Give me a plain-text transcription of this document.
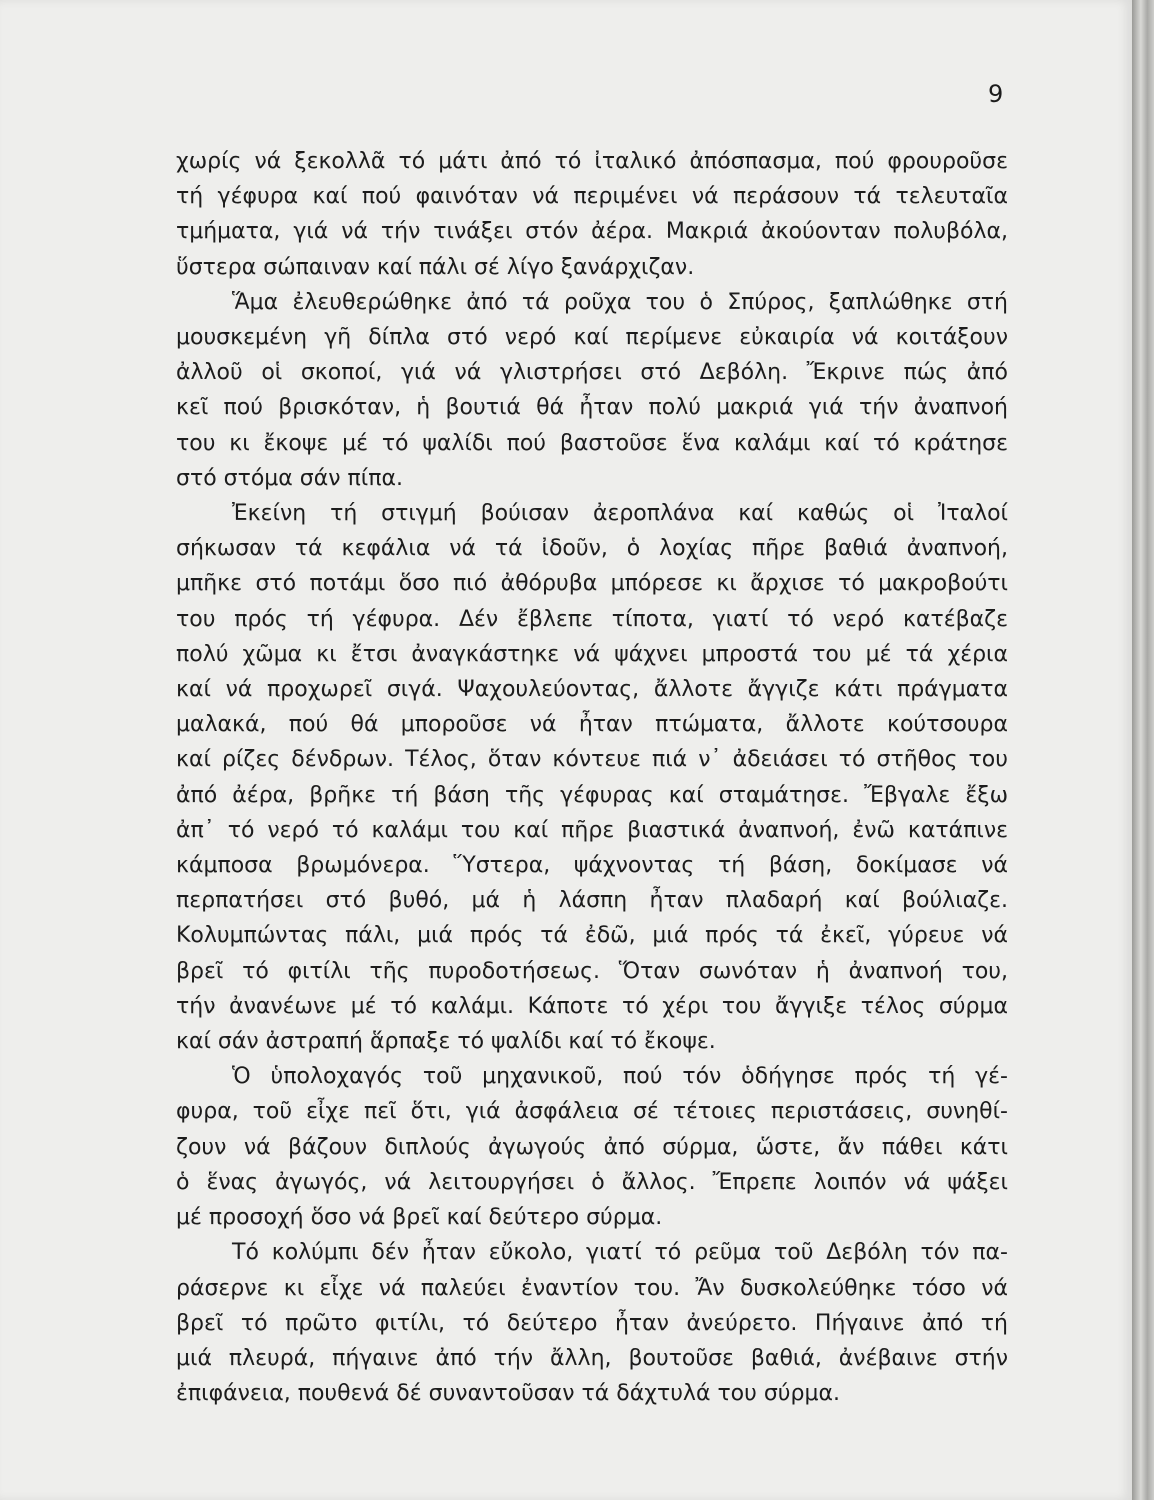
9
χωρίς νά ξεκολλᾶ τό μάτι ἀπό τό ἰταλικό ἀπόσπασμα, πού φρουροῦσε
τή γέφυρα καί πού φαινόταν νά περιμένει νά περάσουν τά τελευταῖα
τμήματα, γιά νά τήν τινάξει στόν ἀέρα. Μακριά ἀκούονταν πολυβόλα,
ὕστερα σώπαιναν καί πάλι σέ λίγο ξανάρχιζαν.
Ἅμα ἐλευθερώθηκε ἀπό τά ροῦχα του ὁ Σπύρος, ξαπλώθηκε στή
μουσκεμένη γῆ δίπλα στό νερό καί περίμενε εὐκαιρία νά κοιτάξουν
ἀλλοῦ οἱ σκοποί, γιά νά γλιστρήσει στό Δεβόλη. Ἔκρινε πώς ἀπό
κεῖ πού βρισκόταν, ἡ βουτιά θά ἦταν πολύ μακριά γιά τήν ἀναπνοή
του κι ἔκοψε μέ τό ψαλίδι πού βαστοῦσε ἕνα καλάμι καί τό κράτησε
στό στόμα σάν πίπα.
Ἐκείνη τή στιγμή βούισαν ἀεροπλάνα καί καθώς οἱ Ἰταλοί
σήκωσαν τά κεφάλια νά τά ἰδοῦν, ὁ λοχίας πῆρε βαθιά ἀναπνοή,
μπῆκε στό ποτάμι ὅσο πιό ἀθόρυβα μπόρεσε κι ἄρχισε τό μακροβούτι
του πρός τή γέφυρα. Δέν ἔβλεπε τίποτα, γιατί τό νερό κατέβαζε
πολύ χῶμα κι ἔτσι ἀναγκάστηκε νά ψάχνει μπροστά του μέ τά χέρια
καί νά προχωρεῖ σιγά. Ψαχουλεύοντας, ἄλλοτε ἄγγιζε κάτι πράγματα
μαλακά, πού θά μποροῦσε νά ἦταν πτώματα, ἄλλοτε κούτσουρα
καί ρίζες δένδρων. Τέλος, ὅταν κόντευε πιά ν᾽ ἀδειάσει τό στῆθος του
ἀπό ἀέρα, βρῆκε τή βάση τῆς γέφυρας καί σταμάτησε. Ἔβγαλε ἔξω
ἀπ᾽ τό νερό τό καλάμι του καί πῆρε βιαστικά ἀναπνοή, ἐνῶ κατάπινε
κάμποσα βρωμόνερα. Ὕστερα, ψάχνοντας τή βάση, δοκίμασε νά
περπατήσει στό βυθό, μά ἡ λάσπη ἦταν πλαδαρή καί βούλιαζε.
Κολυμπώντας πάλι, μιά πρός τά ἐδῶ, μιά πρός τά ἐκεῖ, γύρευε νά
βρεῖ τό φιτίλι τῆς πυροδοτήσεως. Ὅταν σωνόταν ἡ ἀναπνοή του,
τήν ἀνανέωνε μέ τό καλάμι. Κάποτε τό χέρι του ἄγγιξε τέλος σύρμα
καί σάν ἀστραπή ἅρπαξε τό ψαλίδι καί τό ἔκοψε.
Ὁ ὑπολοχαγός τοῦ μηχανικοῦ, πού τόν ὁδήγησε πρός τή γέ-
φυρα, τοῦ εἶχε πεῖ ὅτι, γιά ἀσφάλεια σέ τέτοιες περιστάσεις, συνηθί-
ζουν νά βάζουν διπλούς ἀγωγούς ἀπό σύρμα, ὥστε, ἄν πάθει κάτι
ὁ ἕνας ἀγωγός, νά λειτουργήσει ὁ ἄλλος. Ἔπρεπε λοιπόν νά ψάξει
μέ προσοχή ὅσο νά βρεῖ καί δεύτερο σύρμα.
Τό κολύμπι δέν ἦταν εὔκολο, γιατί τό ρεῦμα τοῦ Δεβόλη τόν πα-
ράσερνε κι εἶχε νά παλεύει ἐναντίον του. Ἄν δυσκολεύθηκε τόσο νά
βρεῖ τό πρῶτο φιτίλι, τό δεύτερο ἦταν ἀνεύρετο. Πήγαινε ἀπό τή
μιά πλευρά, πήγαινε ἀπό τήν ἄλλη, βουτοῦσε βαθιά, ἀνέβαινε στήν
ἐπιφάνεια, πουθενά δέ συναντοῦσαν τά δάχτυλά του σύρμα.
